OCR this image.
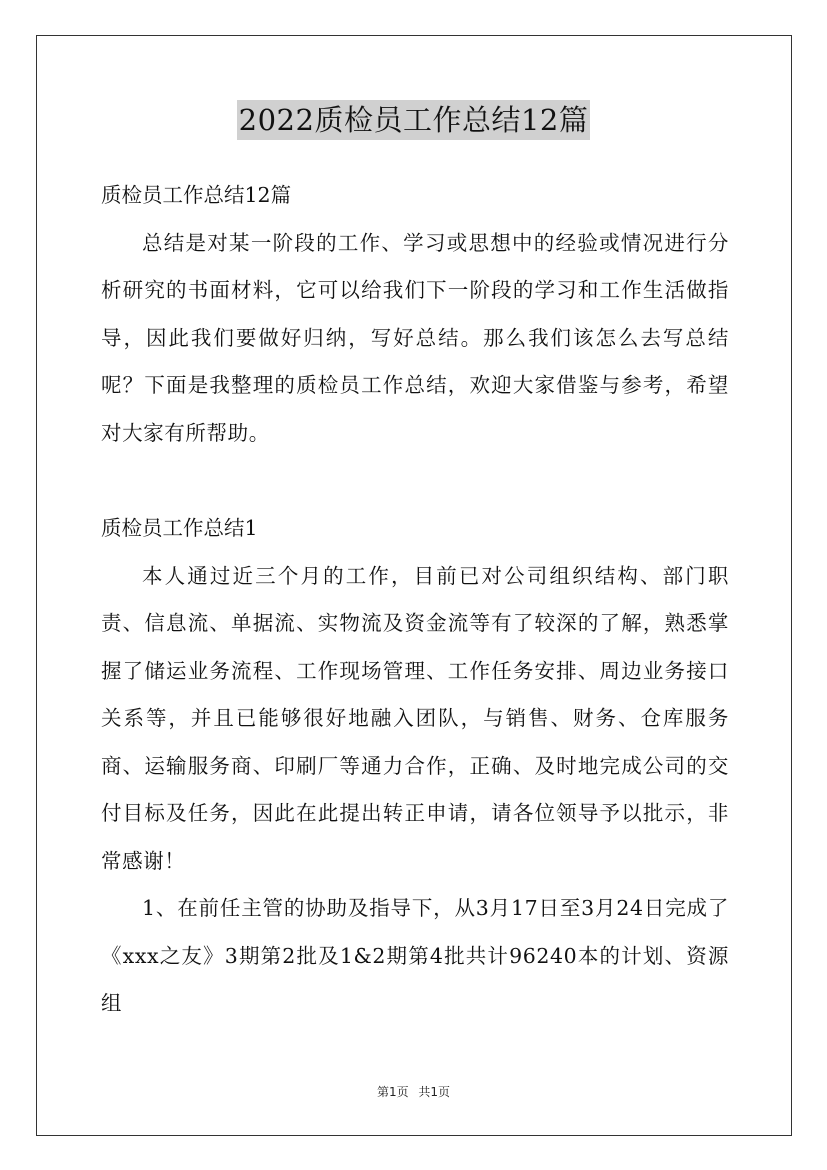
2022质检员工作总结12篇

质检员工作总结12篇

总结是对某一阶段的工作、学习或思想中的经验或情况进行分析研究的书面材料，它可以给我们下一阶段的学习和工作生活做指导，因此我们要做好归纳，写好总结。那么我们该怎么去写总结呢？下面是我整理的质检员工作总结，欢迎大家借鉴与参考，希望对大家有所帮助。

质检员工作总结1

本人通过近三个月的工作，目前已对公司组织结构、部门职责、信息流、单据流、实物流及资金流等有了较深的了解，熟悉掌握了储运业务流程、工作现场管理、工作任务安排、周边业务接口关系等，并且已能够很好地融入团队，与销售、财务、仓库服务商、运输服务商、印刷厂等通力合作，正确、及时地完成公司的交付目标及任务，因此在此提出转正申请，请各位领导予以批示，非常感谢！

1、在前任主管的协助及指导下，从3月17日至3月24日完成了《xxx之友》3期第2批及1&2期第4批共计96240本的计划、资源组

第1页 共1页
